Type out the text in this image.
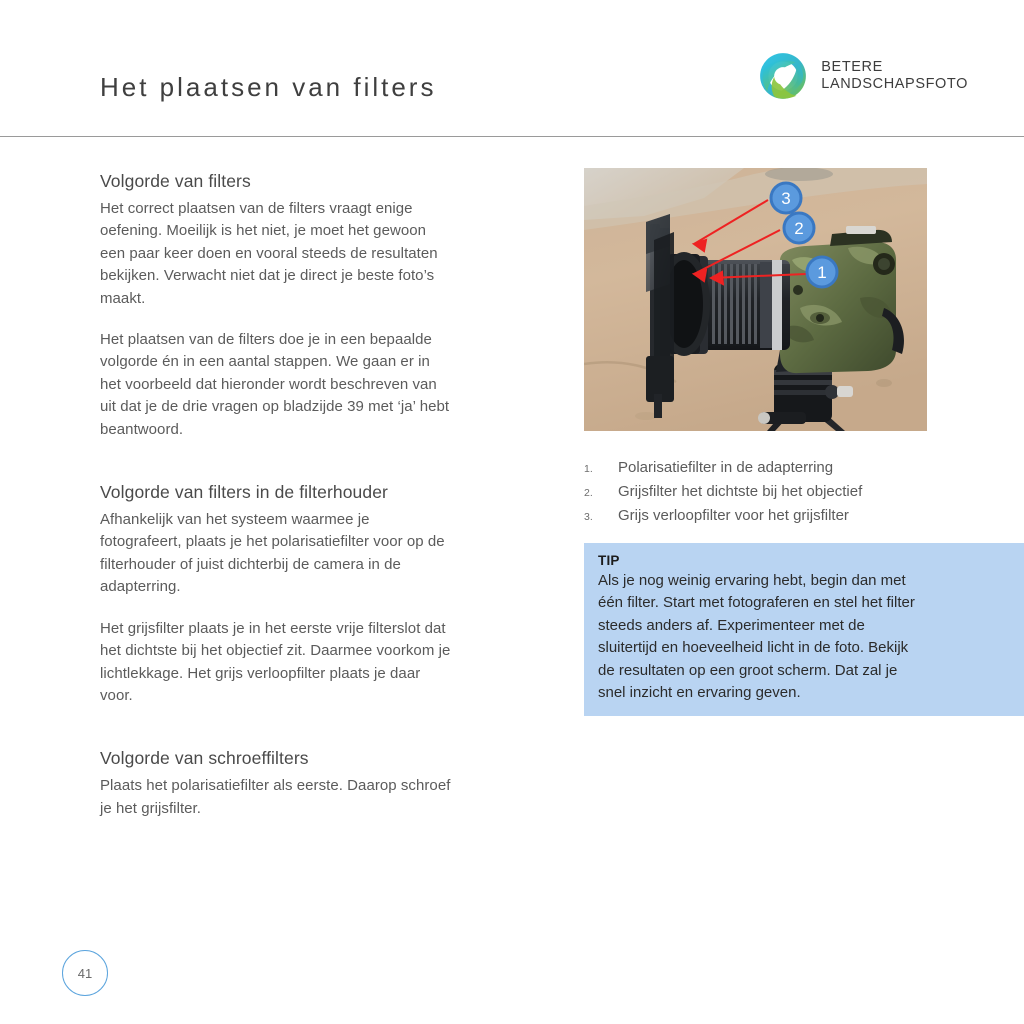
Het plaatsen van filters
BETERE
LANDSCHAPSFOTO
Volgorde van filters

Het correct plaatsen van de filters vraagt enige oefening. Moeilijk is het niet, je moet het gewoon een paar keer doen en vooral steeds de resultaten bekijken. Verwacht niet dat je direct je beste foto’s maakt.

Het plaatsen van de filters doe je in een bepaalde volgorde én in een aantal stappen. We gaan er in het voorbeeld dat hieronder wordt beschreven van uit dat je de drie vragen op bladzijde 39 met ‘ja’ hebt beantwoord.

Volgorde van filters in de filterhouder

Afhankelijk van het systeem waarmee je fotografeert, plaats je het polarisatiefilter voor op de filterhouder of juist dichterbij de camera in de adapterring.

Het grijsfilter plaats je in het eerste vrije filterslot dat het dichtste bij het objectief zit. Daarmee voorkom je lichtlekkage. Het grijs verloopfilter plaats je daar voor.

Volgorde van schroeffilters

Plaats het polarisatiefilter als eerste. Daarop schroef je het grijsfilter.

3
2
1
1.	Polarisatiefilter in de adapterring
2.	Grijsfilter het dichtste bij het objectief
3.	Grijs verloopfilter voor het grijsfilter
TIP

Als je nog weinig ervaring hebt, begin dan met één filter. Start met fotograferen en stel het filter steeds anders af. Experimenteer met de sluitertijd en hoeveelheid licht in de foto. Bekijk de resultaten op een groot scherm. Dat zal je snel inzicht en ervaring geven.

41
